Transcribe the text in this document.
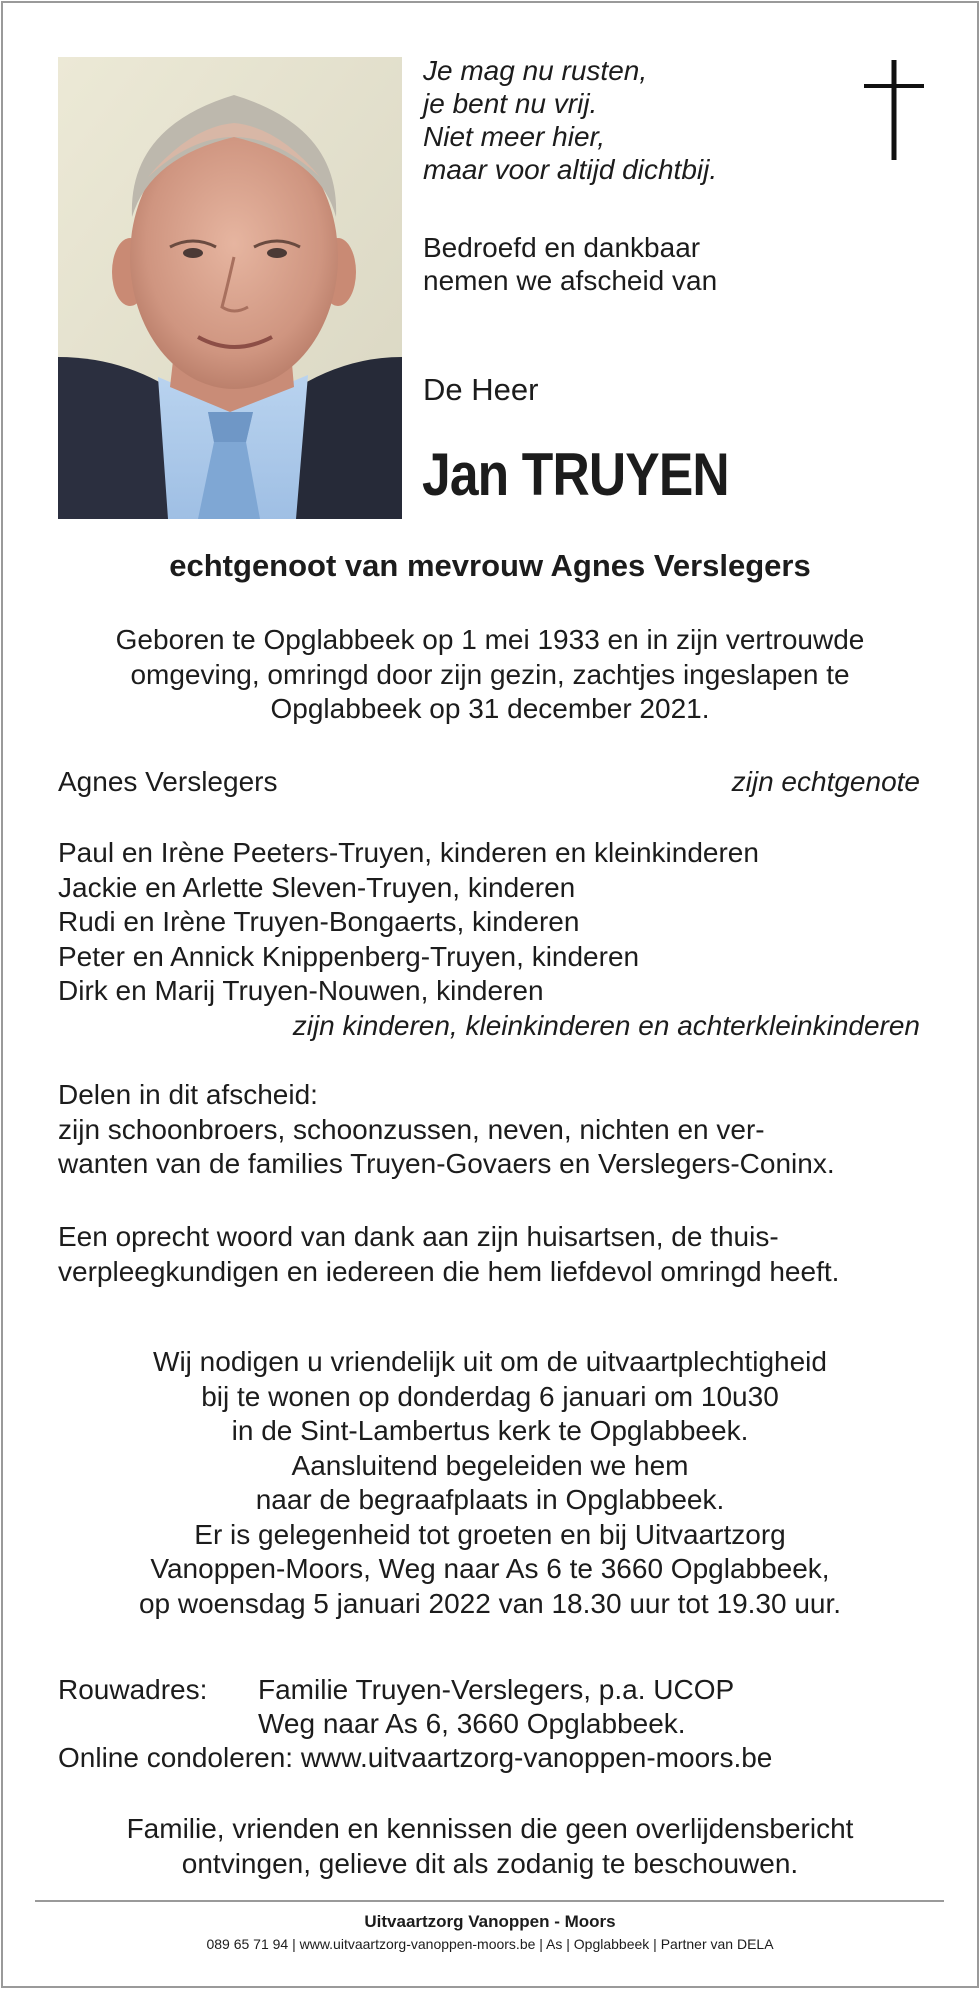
Je mag nu rusten,
je bent nu vrij.
Niet meer hier,
maar voor altijd dichtbij.
Bedroefd en dankbaar
nemen we afscheid van
De Heer
Jan TRUYEN
echtgenoot van mevrouw Agnes Verslegers
Geboren te Opglabbeek op 1 mei 1933 en in zijn vertrouwde
omgeving, omringd door zijn gezin, zachtjes ingeslapen te
Opglabbeek op 31 december 2021.
Agnes Verslegers	zijn echtgenote
Paul en Irène Peeters-Truyen, kinderen en kleinkinderen
Jackie en Arlette Sleven-Truyen, kinderen
Rudi en Irène Truyen-Bongaerts, kinderen
Peter en Annick Knippenberg-Truyen, kinderen
Dirk en Marij Truyen-Nouwen, kinderen
zijn kinderen, kleinkinderen en achterkleinkinderen
Delen in dit afscheid:
zijn schoonbroers, schoonzussen, neven, nichten en ver-
wanten van de families Truyen-Govaers en Verslegers-Coninx.
Een oprecht woord van dank aan zijn huisartsen, de thuis-
verpleegkundigen en iedereen die hem liefdevol omringd heeft.
Wij nodigen u vriendelijk uit om de uitvaartplechtigheid
bij te wonen op donderdag 6 januari om 10u30
in de Sint-Lambertus kerk te Opglabbeek.
Aansluitend begeleiden we hem
naar de begraafplaats in Opglabbeek.
Er is gelegenheid tot groeten en bij Uitvaartzorg
Vanoppen-Moors, Weg naar As 6 te 3660 Opglabbeek,
op woensdag 5 januari 2022 van 18.30 uur tot 19.30 uur.
Rouwadres: Familie Truyen-Verslegers, p.a. UCOP
Weg naar As 6, 3660 Opglabbeek.
Online condoleren: www.uitvaartzorg-vanoppen-moors.be
Familie, vrienden en kennissen die geen overlijdensbericht
ontvingen, gelieve dit als zodanig te beschouwen.
Uitvaartzorg Vanoppen - Moors
089 65 71 94 | www.uitvaartzorg-vanoppen-moors.be | As | Opglabbeek | Partner van DELA
